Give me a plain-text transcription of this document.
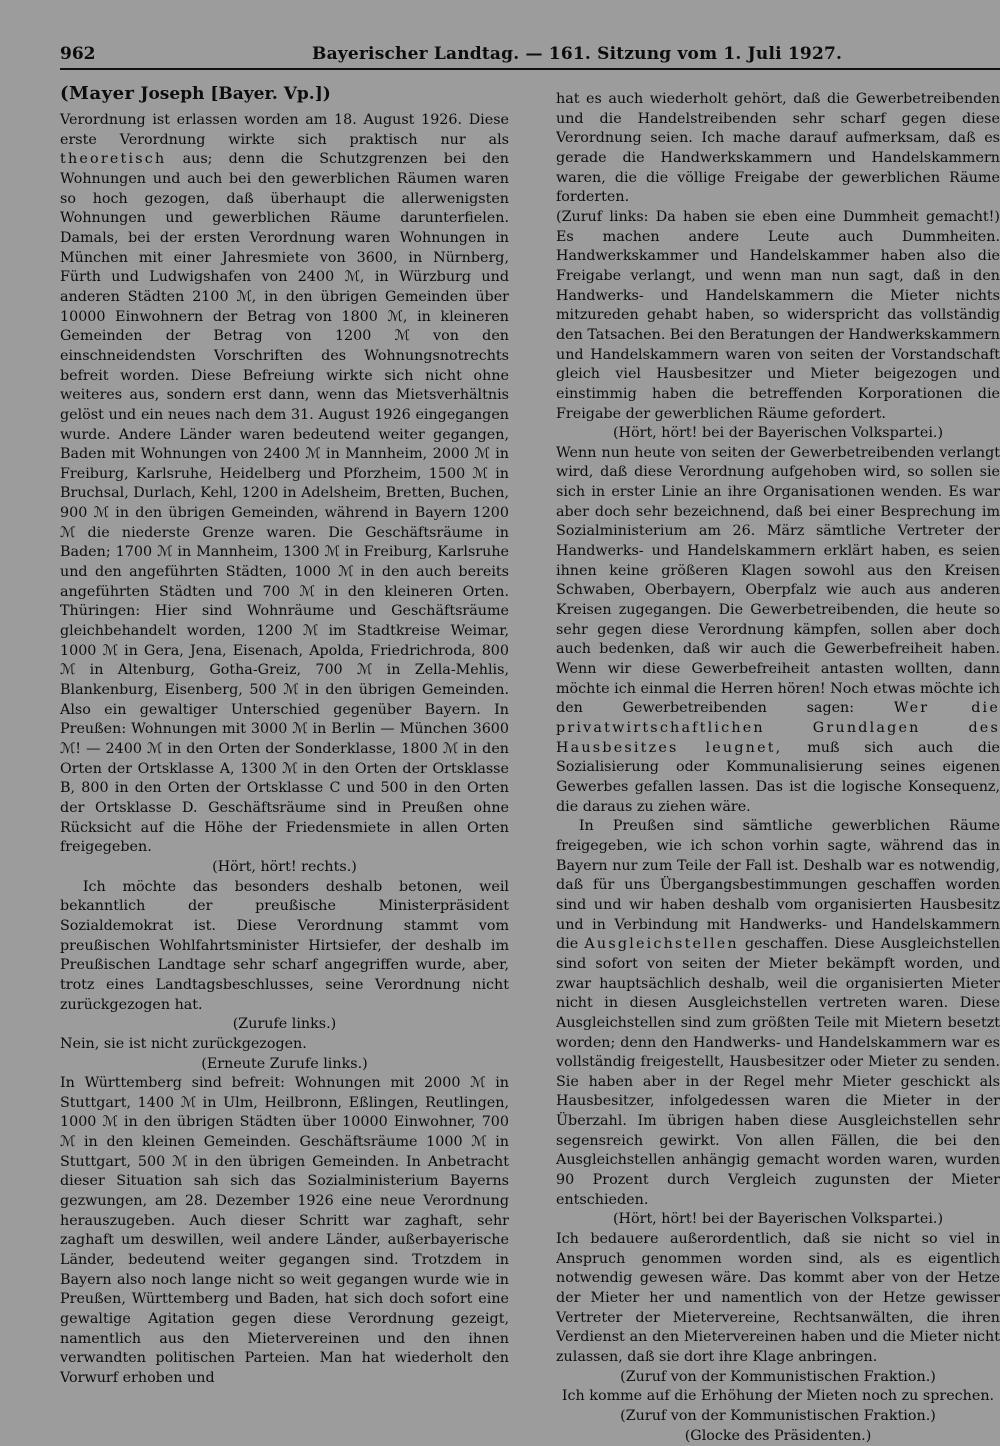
962	Bayerischer Landtag. — 161. Sitzung vom 1. Juli 1927.

(Mayer Joseph [Bayer. Vp.])

Verordnung ist erlassen worden am 18. August 1926. Diese erste Verordnung wirkte sich praktisch nur als theoretisch aus; denn die Schutzgrenzen bei den Wohnungen und auch bei den gewerblichen Räumen waren so hoch gezogen, daß überhaupt die allerwenigsten Wohnungen und gewerblichen Räume darunterfielen. Damals, bei der ersten Verordnung waren Wohnungen in München mit einer Jahresmiete von 3600, in Nürnberg, Fürth und Ludwigshafen von 2400 ℳ, in Würzburg und anderen Städten 2100 ℳ, in den übrigen Gemeinden über 10000 Einwohnern der Betrag von 1800 ℳ, in kleineren Gemeinden der Betrag von 1200 ℳ von den einschneidendsten Vorschriften des Wohnungsnotrechts befreit worden. Diese Befreiung wirkte sich nicht ohne weiteres aus, sondern erst dann, wenn das Mietsverhältnis gelöst und ein neues nach dem 31. August 1926 eingegangen wurde. Andere Länder waren bedeutend weiter gegangen, Baden mit Wohnungen von 2400 ℳ in Mannheim, 2000 ℳ in Freiburg, Karlsruhe, Heidelberg und Pforzheim, 1500 ℳ in Bruchsal, Durlach, Kehl, 1200 in Adelsheim, Bretten, Buchen, 900 ℳ in den übrigen Gemeinden, während in Bayern 1200 ℳ die niederste Grenze waren. Die Geschäftsräume in Baden; 1700 ℳ in Mannheim, 1300 ℳ in Freiburg, Karlsruhe und den angeführten Städten, 1000 ℳ in den auch bereits angeführten Städten und 700 ℳ in den kleineren Orten. Thüringen: Hier sind Wohnräume und Geschäftsräume gleichbehandelt worden, 1200 ℳ im Stadtkreise Weimar, 1000 ℳ in Gera, Jena, Eisenach, Apolda, Friedrichroda, 800 ℳ in Altenburg, Gotha-Greiz, 700 ℳ in Zella-Mehlis, Blankenburg, Eisenberg, 500 ℳ in den übrigen Gemeinden. Also ein gewaltiger Unterschied gegenüber Bayern. In Preußen: Wohnungen mit 3000 ℳ in Berlin — München 3600 ℳ! — 2400 ℳ in den Orten der Sonderklasse, 1800 ℳ in den Orten der Ortsklasse A, 1300 ℳ in den Orten der Ortsklasse B, 800 in den Orten der Ortsklasse C und 500 in den Orten der Ortsklasse D. Geschäftsräume sind in Preußen ohne Rücksicht auf die Höhe der Friedensmiete in allen Orten freigegeben.

(Hört, hört! rechts.)

Ich möchte das besonders deshalb betonen, weil bekanntlich der preußische Ministerpräsident Sozialdemokrat ist. Diese Verordnung stammt vom preußischen Wohlfahrtsminister Hirtsiefer, der deshalb im Preußischen Landtage sehr scharf angegriffen wurde, aber, trotz eines Landtagsbeschlusses, seine Verordnung nicht zurückgezogen hat.

(Zurufe links.)

Nein, sie ist nicht zurückgezogen.

(Erneute Zurufe links.)

In Württemberg sind befreit: Wohnungen mit 2000 ℳ in Stuttgart, 1400 ℳ in Ulm, Heilbronn, Eßlingen, Reutlingen, 1000 ℳ in den übrigen Städten über 10000 Einwohner, 700 ℳ in den kleinen Gemeinden. Geschäftsräume 1000 ℳ in Stuttgart, 500 ℳ in den übrigen Gemeinden. In Anbetracht dieser Situation sah sich das Sozialministerium Bayerns gezwungen, am 28. Dezember 1926 eine neue Verordnung herauszugeben. Auch dieser Schritt war zaghaft, sehr zaghaft um deswillen, weil andere Länder, außerbayerische Länder, bedeutend weiter gegangen sind. Trotzdem in Bayern also noch lange nicht so weit gegangen wurde wie in Preußen, Württemberg und Baden, hat sich doch sofort eine gewaltige Agitation gegen diese Verordnung gezeigt, namentlich aus den Mietervereinen und den ihnen verwandten politischen Parteien. Man hat wiederholt den Vorwurf erhoben und

hat es auch wiederholt gehört, daß die Gewerbetreibenden und die Handelstreibenden sehr scharf gegen diese Verordnung seien. Ich mache darauf aufmerksam, daß es gerade die Handwerkskammern und Handelskammern waren, die die völlige Freigabe der gewerblichen Räume forderten.

(Zuruf links: Da haben sie eben eine Dummheit gemacht!) Es machen andere Leute auch Dummheiten. Handwerkskammer und Handelskammer haben also die Freigabe verlangt, und wenn man nun sagt, daß in den Handwerks- und Handelskammern die Mieter nichts mitzureden gehabt haben, so widerspricht das vollständig den Tatsachen. Bei den Beratungen der Handwerkskammern und Handelskammern waren von seiten der Vorstandschaft gleich viel Hausbesitzer und Mieter beigezogen und einstimmig haben die betreffenden Korporationen die Freigabe der gewerblichen Räume gefordert.

(Hört, hört! bei der Bayerischen Volkspartei.)

Wenn nun heute von seiten der Gewerbetreibenden verlangt wird, daß diese Verordnung aufgehoben wird, so sollen sie sich in erster Linie an ihre Organisationen wenden. Es war aber doch sehr bezeichnend, daß bei einer Besprechung im Sozialministerium am 26. März sämtliche Vertreter der Handwerks- und Handelskammern erklärt haben, es seien ihnen keine größeren Klagen sowohl aus den Kreisen Schwaben, Oberbayern, Oberpfalz wie auch aus anderen Kreisen zugegangen. Die Gewerbetreibenden, die heute so sehr gegen diese Verordnung kämpfen, sollen aber doch auch bedenken, daß wir auch die Gewerbefreiheit haben. Wenn wir diese Gewerbefreiheit antasten wollten, dann möchte ich einmal die Herren hören! Noch etwas möchte ich den Gewerbetreibenden sagen:	Wer die privatwirtschaftlichen Grundlagen des Hausbesitzes leugnet, muß sich auch die Sozialisierung oder Kommunalisierung seines eigenen Gewerbes gefallen lassen. Das ist die logische Konsequenz, die daraus zu ziehen wäre.

In Preußen sind sämtliche gewerblichen Räume freigegeben, wie ich schon vorhin sagte, während das in Bayern nur zum Teile der Fall ist. Deshalb war es notwendig, daß für uns Übergangsbestimmungen geschaffen worden sind und wir haben deshalb vom organisierten Hausbesitz und in Verbindung mit Handwerks- und Handelskammern die Ausgleichstellen geschaffen. Diese Ausgleichstellen sind sofort von seiten der Mieter bekämpft worden, und zwar hauptsächlich deshalb, weil die organisierten Mieter nicht in diesen Ausgleichstellen vertreten waren. Diese Ausgleichstellen sind zum größten Teile mit Mietern besetzt worden; denn den Handwerks- und Handelskammern war es vollständig freigestellt, Hausbesitzer oder Mieter zu senden. Sie haben aber in der Regel mehr Mieter geschickt als Hausbesitzer, infolgedessen waren die Mieter in der Überzahl. Im übrigen haben diese Ausgleichstellen sehr segensreich gewirkt. Von allen Fällen, die bei den Ausgleichstellen anhängig gemacht worden waren, wurden 90 Prozent durch Vergleich zugunsten der Mieter entschieden.

(Hört, hört! bei der Bayerischen Volkspartei.)

Ich bedauere außerordentlich, daß sie nicht so viel in Anspruch genommen worden sind, als es eigentlich notwendig gewesen wäre. Das kommt aber von der Hetze der Mieter her und namentlich von der Hetze gewisser Vertreter der Mietervereine, Rechtsanwälten, die ihren Verdienst an den Mietervereinen haben und die Mieter nicht zulassen, daß sie dort ihre Klage anbringen.

(Zuruf von der Kommunistischen Fraktion.)

Ich komme auf die Erhöhung der Mieten noch zu sprechen.

(Zuruf von der Kommunistischen Fraktion.)

(Glocke des Präsidenten.)
